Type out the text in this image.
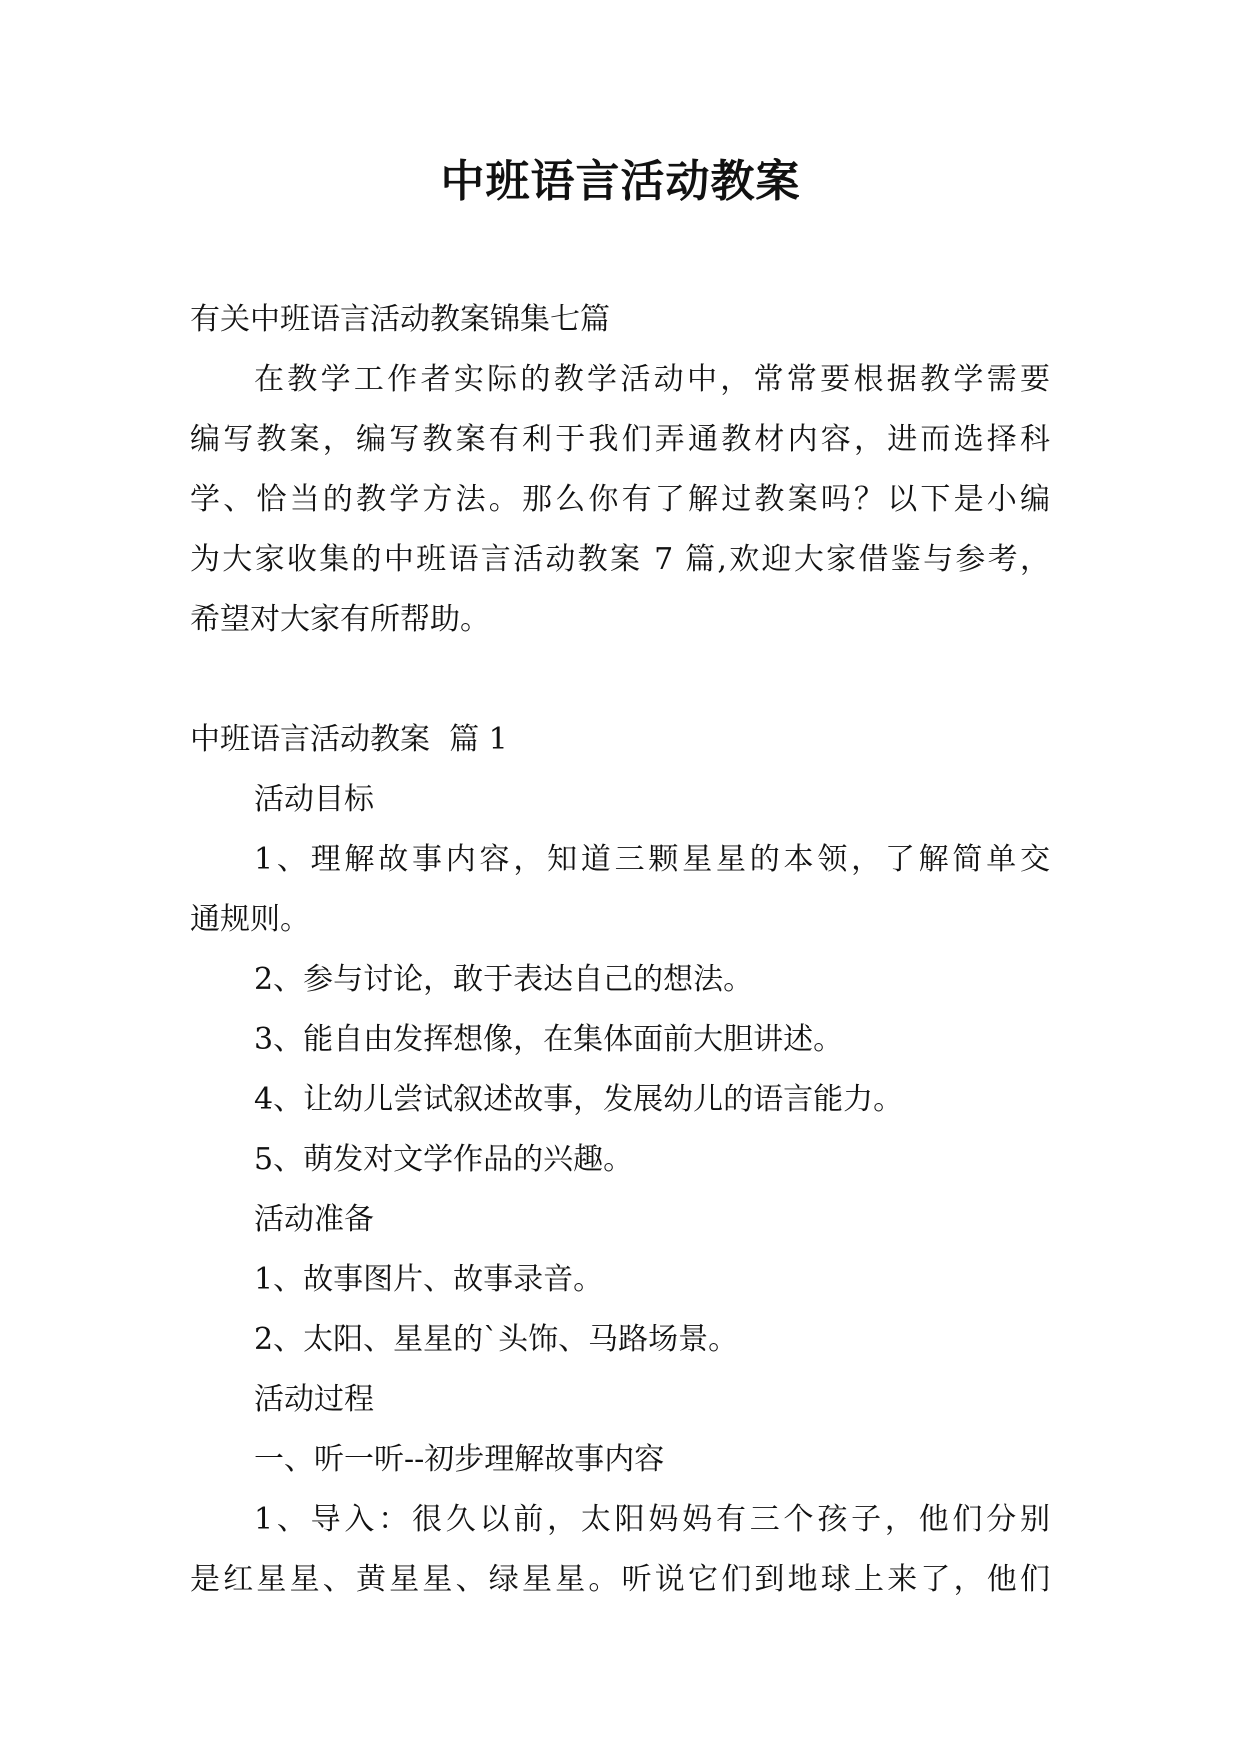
中班语言活动教案

有关中班语言活动教案锦集七篇

在教学工作者实际的教学活动中，常常要根据教学需要

编写教案，编写教案有利于我们弄通教材内容，进而选择科

学、恰当的教学方法。那么你有了解过教案吗？以下是小编

为大家收集的中班语言活动教案 7 篇,欢迎大家借鉴与参考，

希望对大家有所帮助。

中班语言活动教案  篇 1

活动目标

1、理解故事内容，知道三颗星星的本领，了解简单交

通规则。

2、参与讨论，敢于表达自己的想法。

3、能自由发挥想像，在集体面前大胆讲述。

4、让幼儿尝试叙述故事，发展幼儿的语言能力。

5、萌发对文学作品的兴趣。

活动准备

1、故事图片、故事录音。

2、太阳、星星的`头饰、马路场景。

活动过程

一、听一听--初步理解故事内容

1、导入：很久以前，太阳妈妈有三个孩子，他们分别

是红星星、黄星星、绿星星。听说它们到地球上来了，他们
